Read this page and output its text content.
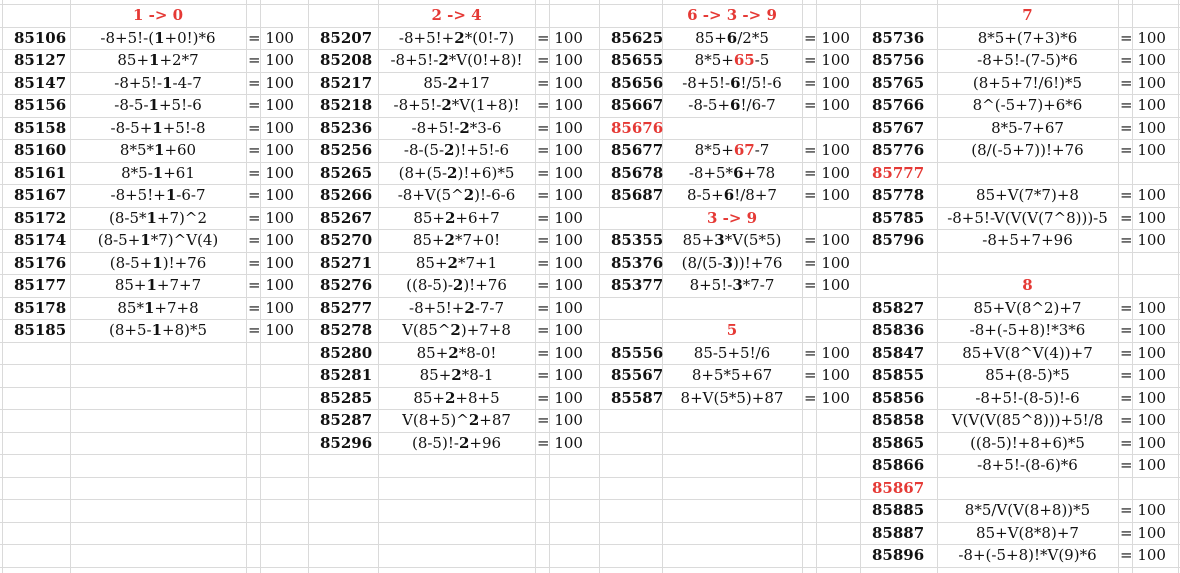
1 -> 0	2 -> 4	6 -> 3 -> 9	7
3 -> 9
5
8
85106	-8+5!-(1+0!)*6	= 100
85127	85+1+2*7	= 100
85147	-8+5!-1-4-7	= 100
85156	-8-5-1+5!-6	= 100
85158	-8-5+1+5!-8	= 100
85160	8*5*1+60	= 100
85161	8*5-1+61	= 100
85167	-8+5!+1-6-7	= 100
85172	(8-5*1+7)^2	= 100
85174	(8-5+1*7)^V(4)	= 100
85176	(8-5+1)!+76	= 100
85177	85+1+7+7	= 100
85178	85*1+7+8	= 100
85185	(8+5-1+8)*5	= 100
85207	-8+5!+2*(0!-7)	= 100
85208	-8+5!-2*V(0!+8)! = 100
85217	85-2+17	= 100
85218	-8+5!-2*V(1+8)!	= 100
85236	-8+5!-2*3-6	= 100
85256	-8-(5-2)!+5!-6	= 100
85265	(8+(5-2)!+6)*5	= 100
85266	-8+V(5^2)!-6-6	= 100
85267	85+2+6+7	= 100
85270	85+2*7+0!	= 100
85271	85+2*7+1	= 100
85276	((8-5)-2)!+76	= 100
85277	-8+5!+2-7-7	= 100
85278	V(85^2)+7+8	= 100
85280	85+2*8-0!	= 100
85281	85+2*8-1	= 100
85285	85+2+8+5	= 100
85287	V(8+5)^2+87	= 100
85296	(8-5)!-2+96	= 100
85625	85+6/2*5	= 100
85655	8*5+65-5	= 100
85656	-8+5!-6!/5!-6	= 100
85667	-8-5+6!/6-7	= 100
85676
85677	8*5+67-7	= 100
85678	-8+5*6+78	= 100
85687	8-5+6!/8+7	= 100
85355	85+3*V(5*5)	= 100
85376	(8/(5-3))!+76	= 100
85377	8+5!-3*7-7	= 100
85556	85-5+5!/6	= 100
85567	8+5*5+67	= 100
85587	8+V(5*5)+87	= 100
85736	8*5+(7+3)*6	= 100
85756	-8+5!-(7-5)*6	= 100
85765	(8+5+7!/6!)*5	= 100
85766	8^(-5+7)+6*6	= 100
85767	8*5-7+67	= 100
85776	(8/(-5+7))!+76	= 100
85777
85778	85+V(7*7)+8	= 100
85785	-8+5!-V(V(V(7^8)))-5 = 100
85796	-8+5+7+96	= 100
85827	85+V(8^2)+7	= 100
85836	-8+(-5+8)!*3*6	= 100
85847	85+V(8^V(4))+7	= 100
85855	85+(8-5)*5	= 100
85856	-8+5!-(8-5)!-6	= 100
85858	V(V(V(85^8)))+5!/8	= 100
85865	((8-5)!+8+6)*5	= 100
85866	-8+5!-(8-6)*6	= 100
85867
85885	8*5/V(V(8+8))*5	= 100
85887	85+V(8*8)+7	= 100
85896	-8+(-5+8)!*V(9)*6	= 100
